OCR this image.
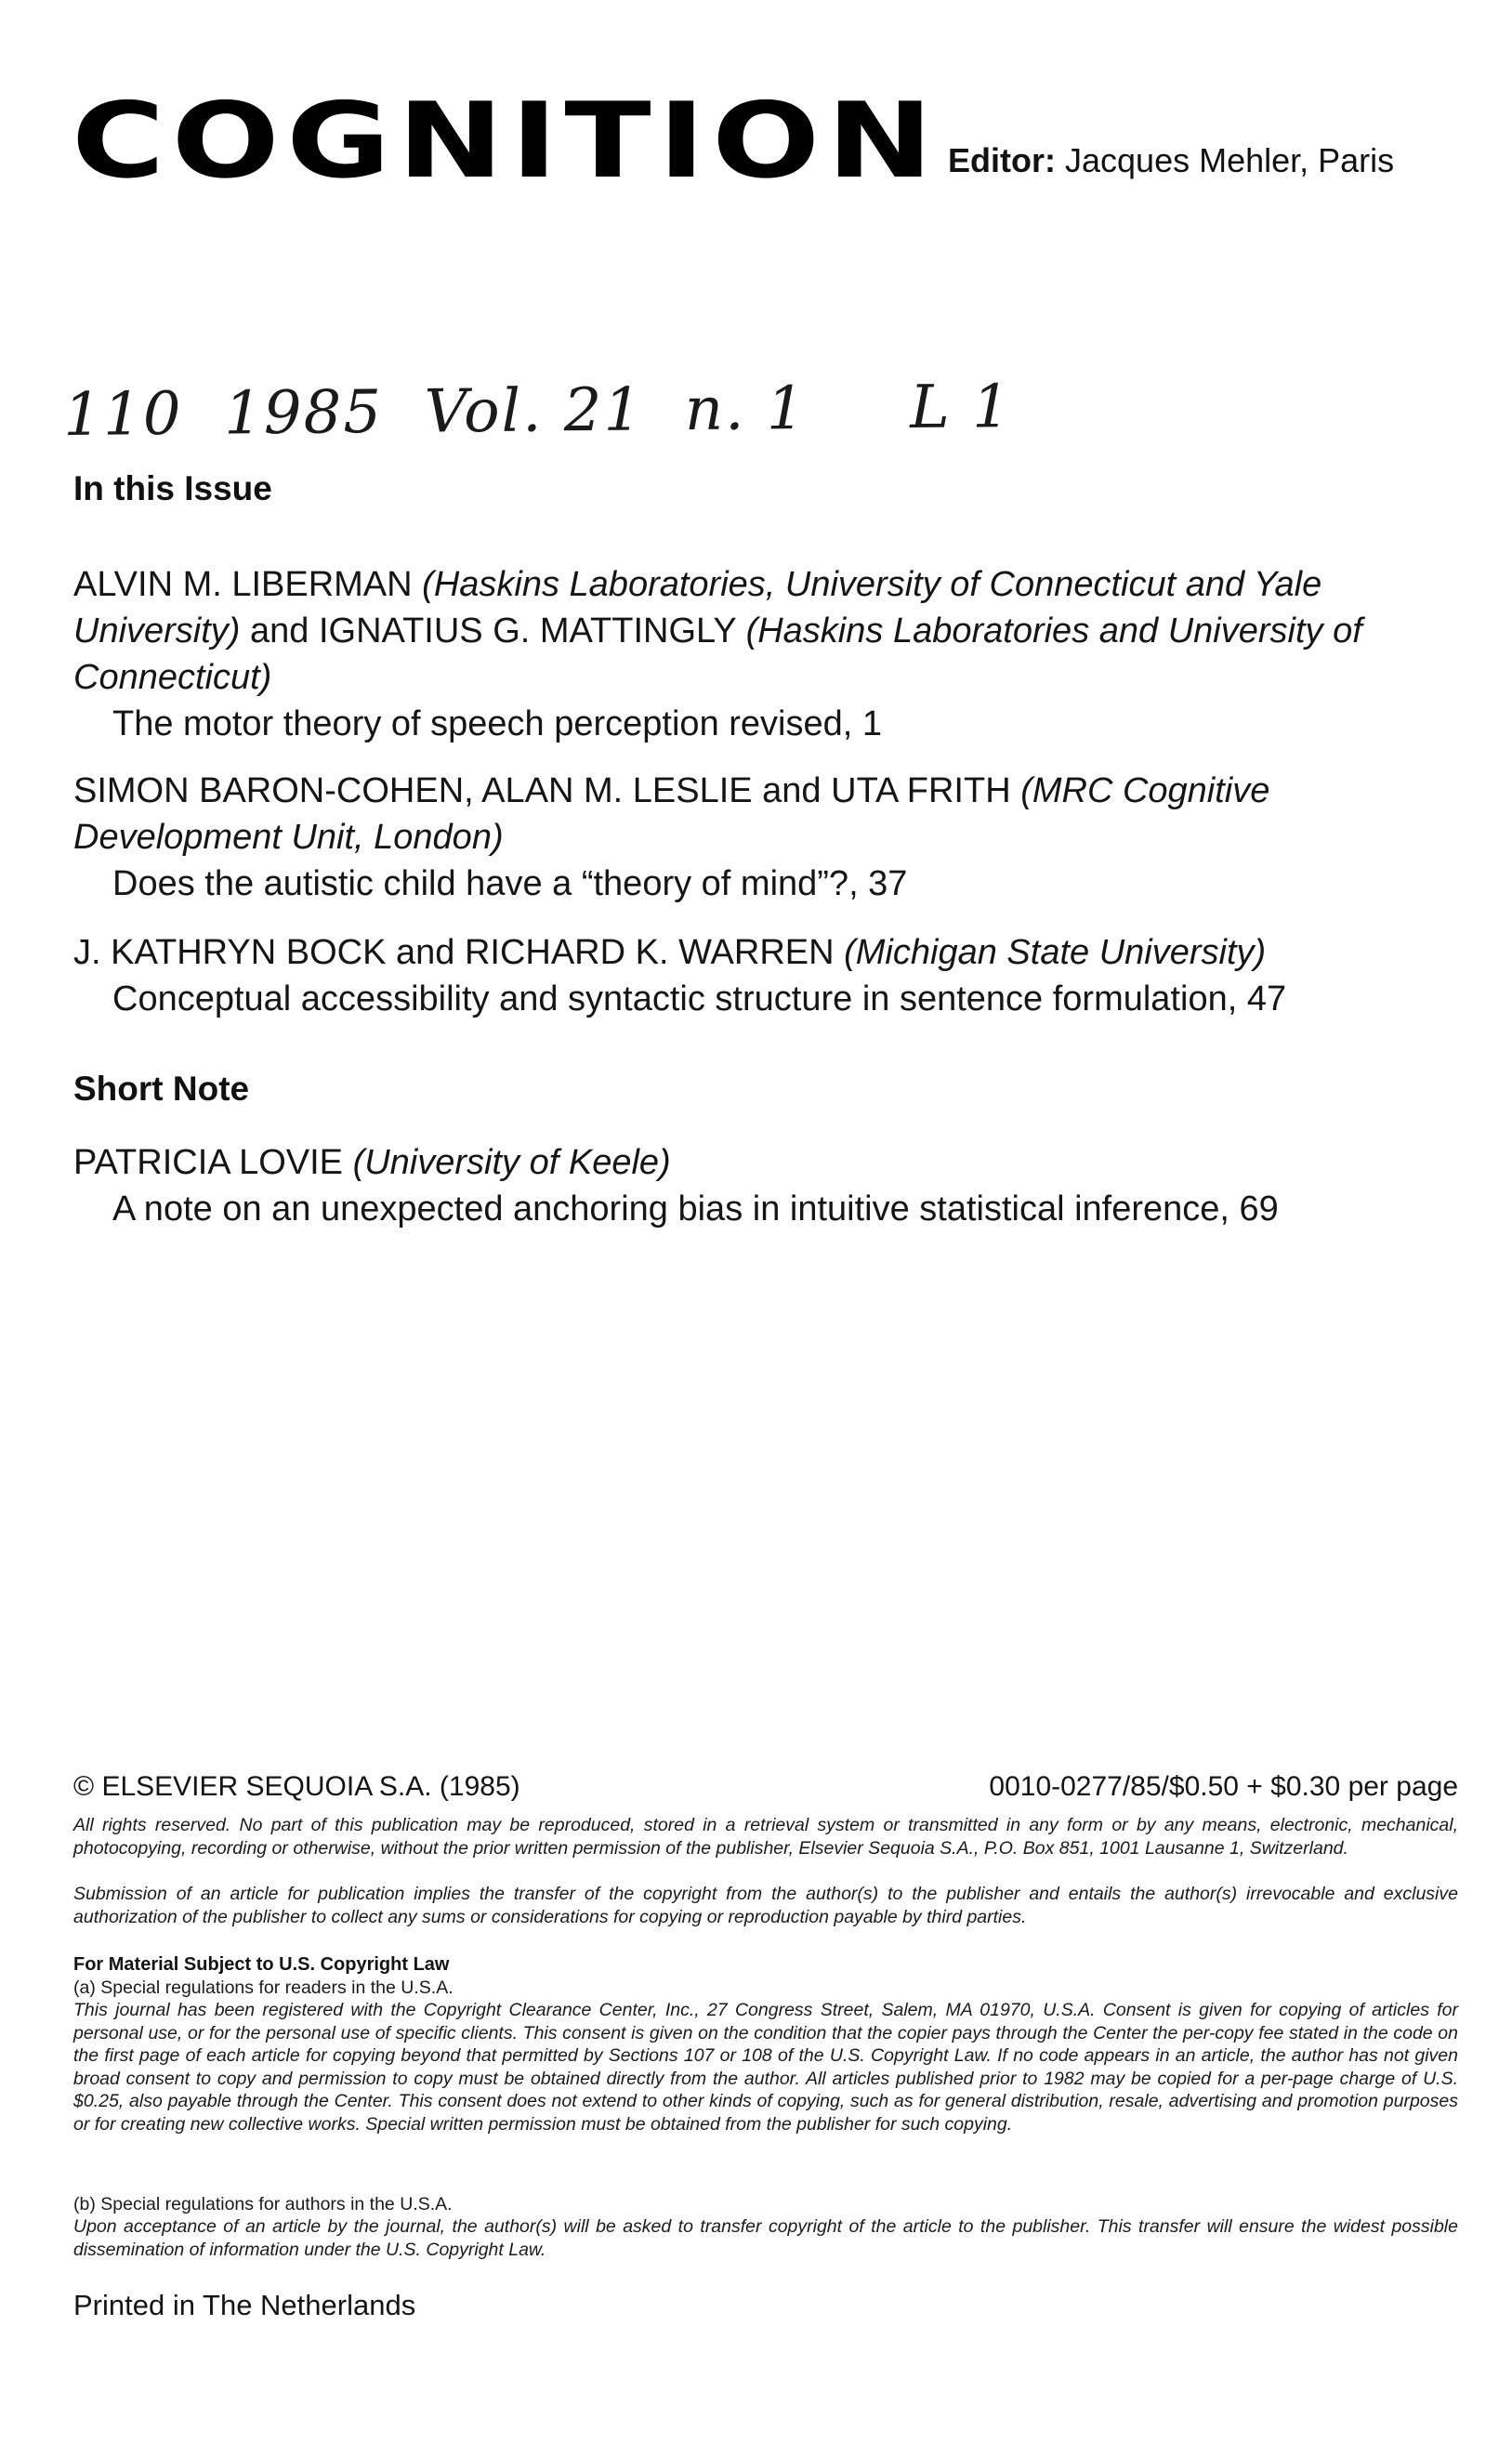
COGNITION Editor: Jacques Mehler, Paris
110  1985  Vol. 21  n. 1     L 1
In this Issue
ALVIN M. LIBERMAN (Haskins Laboratories, University of Connecticut and Yale University) and IGNATIUS G. MATTINGLY (Haskins Laboratories and University of Connecticut)
The motor theory of speech perception revised, 1
SIMON BARON-COHEN, ALAN M. LESLIE and UTA FRITH (MRC Cognitive Development Unit, London)
Does the autistic child have a “theory of mind”?, 37
J. KATHRYN BOCK and RICHARD K. WARREN (Michigan State University)
Conceptual accessibility and syntactic structure in sentence formulation, 47
Short Note
PATRICIA LOVIE (University of Keele)
A note on an unexpected anchoring bias in intuitive statistical inference, 69
© ELSEVIER SEQUOIA S.A. (1985)	0010-0277/85/$0.50 + $0.30 per page
All rights reserved. No part of this publication may be reproduced, stored in a retrieval system or transmitted in any form or by any means, electronic, mechanical, photocopying, recording or otherwise, without the prior written permission of the publisher, Elsevier Sequoia S.A., P.O. Box 851, 1001 Lausanne 1, Switzerland.
Submission of an article for publication implies the transfer of the copyright from the author(s) to the publisher and entails the author(s) irrevocable and exclusive authorization of the publisher to collect any sums or considerations for copying or reproduction payable by third parties.
For Material Subject to U.S. Copyright Law
(a) Special regulations for readers in the U.S.A.
This journal has been registered with the Copyright Clearance Center, Inc., 27 Congress Street, Salem, MA 01970, U.S.A. Consent is given for copying of articles for personal use, or for the personal use of specific clients. This consent is given on the condition that the copier pays through the Center the per-copy fee stated in the code on the first page of each article for copying beyond that permitted by Sections 107 or 108 of the U.S. Copyright Law. If no code appears in an article, the author has not given broad consent to copy and permission to copy must be obtained directly from the author. All articles published prior to 1982 may be copied for a per-page charge of U.S. $0.25, also payable through the Center. This consent does not extend to other kinds of copying, such as for general distribution, resale, advertising and promotion purposes or for creating new collective works. Special written permission must be obtained from the publisher for such copying.
(b) Special regulations for authors in the U.S.A.
Upon acceptance of an article by the journal, the author(s) will be asked to transfer copyright of the article to the publisher. This transfer will ensure the widest possible dissemination of information under the U.S. Copyright Law.
Printed in The Netherlands
